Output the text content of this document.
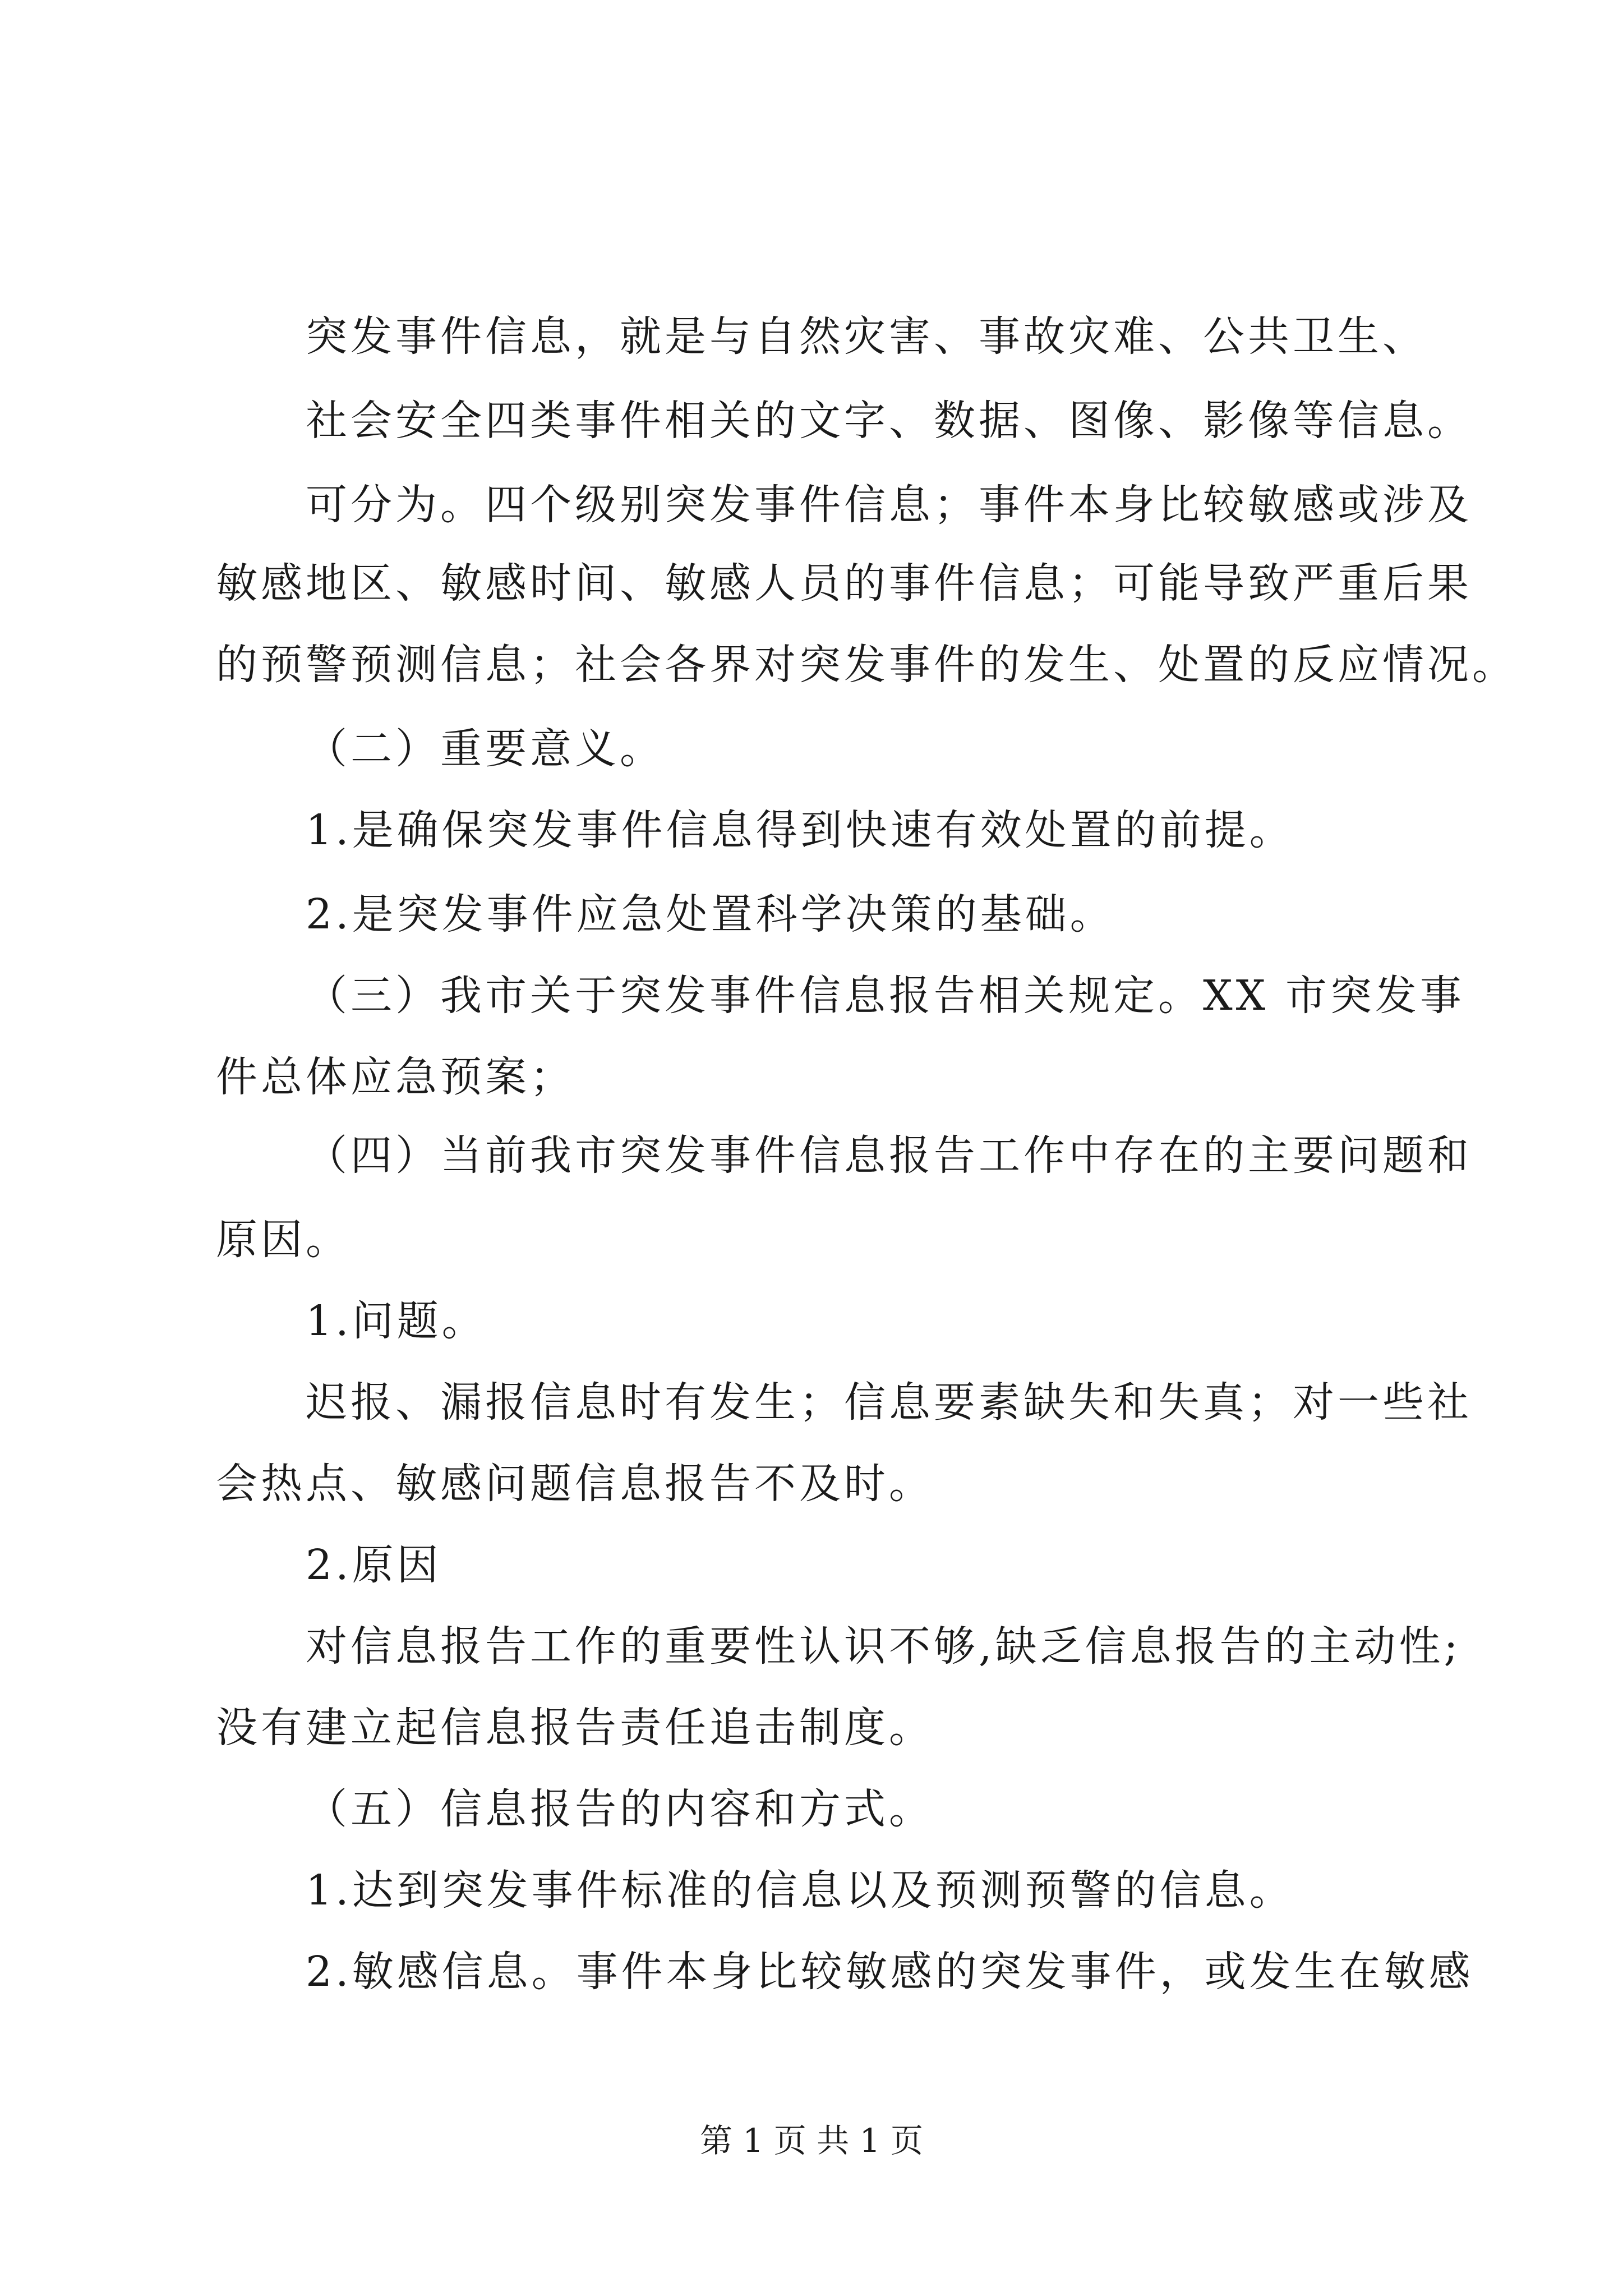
突发事件信息，就是与自然灾害、事故灾难、公共卫生、
社会安全四类事件相关的文字、数据、图像、影像等信息。
可分为。四个级别突发事件信息；事件本身比较敏感或涉及
敏感地区、敏感时间、敏感人员的事件信息；可能导致严重后果
的预警预测信息；社会各界对突发事件的发生、处置的反应情况。
（二）重要意义。
1.是确保突发事件信息得到快速有效处置的前提。
2.是突发事件应急处置科学决策的基础。
（三）我市关于突发事件信息报告相关规定。XX 市突发事
件总体应急预案；
（四）当前我市突发事件信息报告工作中存在的主要问题和
原因。
1.问题。
迟报、漏报信息时有发生；信息要素缺失和失真；对一些社
会热点、敏感问题信息报告不及时。
2.原因
对信息报告工作的重要性认识不够,缺乏信息报告的主动性;
没有建立起信息报告责任追击制度。
（五）信息报告的内容和方式。
1.达到突发事件标准的信息以及预测预警的信息。
2.敏感信息。事件本身比较敏感的突发事件，或发生在敏感
第 1 页 共 1 页
